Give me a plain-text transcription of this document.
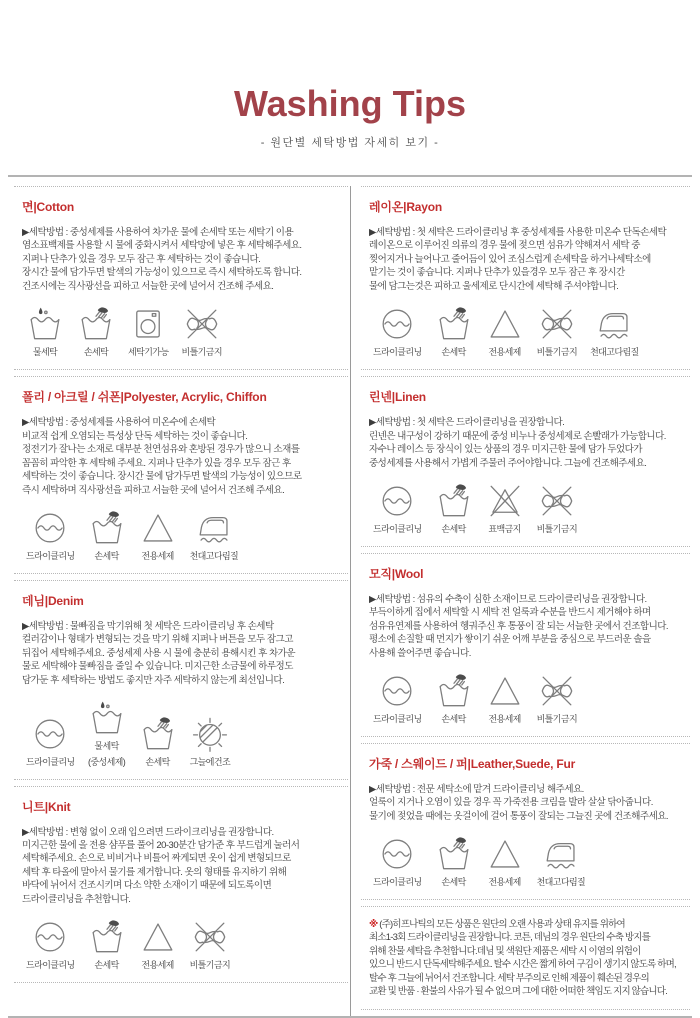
Washing Tips
- 원단별 세탁방법 자세히 보기 -
면|Cotton
▶세탁방법 : 중성세제를 사용하여 차가운 물에 손세탁 또는 세탁기 이용
염소표백제를 사용할 시 물에 중화시켜서 세탁망에 넣은 후 세탁해주세요.
지퍼나 단추가 있을 경우 모두 잠근 후 세탁하는 것이 좋습니다.
장시간 물에 담가두면 탈색의 가능성이 있으므로 즉시 세탁하도록 합니다.
건조시에는 직사광선을 피하고 서늘한 곳에 널어서 건조해 주세요.
물세탁	손세탁	세탁기가능 비틀기금지
폴리 / 아크릴 / 쉬폰|Polyester, Acrylic, Chiffon
▶세탁방법 : 중성세제를 사용하여 미온수에 손세탁
비교적 쉽게 오염되는 특성상 단독 세탁하는 것이 좋습니다.
정전기가 잘나는 소재로 대부분 천연섬유와 혼방된 경우가 많으니 소재를
꼼꼼히 파악한 후 세탁해 주세요. 지퍼나 단추가 있을 경우 모두 잠근 후
세탁하는 것이 좋습니다. 장시간 물에 담가두면 탈색의 가능성이 있으므로
즉시 세탁하며 직사광선을 피하고 서늘한 곳에 널어서 건조해 주세요.
드라이클리닝	손세탁	전용세제	천대고다림질
데님|Denim
▶세탁방법 : 물빠짐을 막기위해 첫 세탁은 드라이클리닝 후 손세탁
컬러감이나 형태가 변형되는 것을 막기 위해 지퍼나 버튼을 모두 잠그고
뒤집어 세탁해주세요. 중성세제 사용 시 물에 충분히 용해시킨 후 차가운
물로 세탁해야 물빠짐을 줄일 수 있습니다. 미지근한 소금물에 하루정도
담가둔 후 세탁하는 방법도 좋지만 자주 세탁하지 않는게 최선입니다.
드라이클리닝
물세탁
(중성세제)	손세탁	그늘에건조
니트|Knit
▶세탁방법 : 변형 없이 오래 입으려면 드라이크리닝을 권장합니다.
미지근한 물에 올 전용 샴푸를 풀어 20-30분간 담가준 후 부드럽게 눌러서
세탁해주세요. 손으로 비비거나 비틀어 짜게되면 옷이 쉽게 변형되므로
세탁 후 타올에 말아서 물기를 제거합니다. 옷의 형태를 유지하기 위해
바닥에 뉘어서 건조시키며 다소 약한 소재이기 때문에 되도록이면
드라이클리닝을 추천합니다.
드라이클리닝	손세탁	전용세제	비틀기금지
레이온|Rayon
▶세탁방법 : 첫 세탁은 드라이클리닝 후 중성세제를 사용한 미온수 단독손세탁
레이온으로 이루어진 의류의 경우 물에 젖으면 섬유가 약해져서 세탁 중
찢어지거나 늘어나고 줄어듬이 있어 조심스럽게 손세탁을 하거나세탁소에
맡기는 것이 좋습니다. 지퍼나 단추가 있을경우 모두 잠근 후 장시간
물에 담그는것은 피하고 울세제로 단시간에 세탁해 주셔야합니다.
드라이클리닝	손세탁	전용세제	비틀기금지 천대고다림질
린넨|Linen
▶세탁방법 : 첫 세탁은 드라이클리닝을 권장합니다.
린넨은 내구성이 강하기 때문에 중성 비누나 중성세제로 손빨래가 가능합니다.
자수나 레이스 등 장식이 있는 상품의 경우 미지근한 물에 담가 두었다가
중성세제를 사용해서 가볍게 주물러 주어야합니다. 그늘에 건조해주세요.
드라이클리닝	손세탁	표백금지	비틀기금지
모직|Wool
▶세탁방법 : 섬유의 수축이 심한 소재이므로 드라이클리닝을 권장합니다.
부득이하게 집에서 세탁할 시 세탁 전 얼룩과 수분을 반드시 제거해야 하며
섬유유연제를 사용하여 헹궈주신 후 통풍이 잘 되는 서늘한 곳에서 건조합니다.
평소에 손질할 때 먼지가 쌓이기 쉬운 어깨 부분을 중심으로 부드러운 솔을
사용해 쓸어주면 좋습니다.
드라이클리닝	손세탁	전용세제	비틀기금지
가죽 / 스웨이드 / 퍼|Leather,Suede, Fur
▶세탁방법 : 전문 세탁소에 맡겨 드라이클리닝 해주세요.
얼룩이 지거나 오염이 있을 경우 꼭 가죽전용 크림을 발라 살살 닦아줍니다.
물기에 젖었을 때에는 옷걸이에 걸어 통풍이 잘되는 그늘진 곳에 건조해주세요.
드라이클리닝	손세탁	전용세제	천대고다림질
※ (주)히프나틱의 모든 상품은 원단의 오랜 사용과 상태 유지를 위하여
최소1-3회 드라이클리닝을 권장합니다. 코튼, 데님의 경우 원단의 수축 방지를
위해 찬물 세탁을 추천합니다.데님 및 색원단 제품은 세탁 시 이염의 위험이
있으니 반드시 단독세탁해주세요. 탈수 시간은 짧게 하여 구김이 생기지 않도록 하며,
탈수 후 그늘에 뉘어서 건조합니다. 세탁 부주의로 인해 제품이 훼손된 경우의
교환 및 반품 · 환불의 사유가 될 수 없으며 그에 대한 어떠한 책임도 지지 않습니다.
